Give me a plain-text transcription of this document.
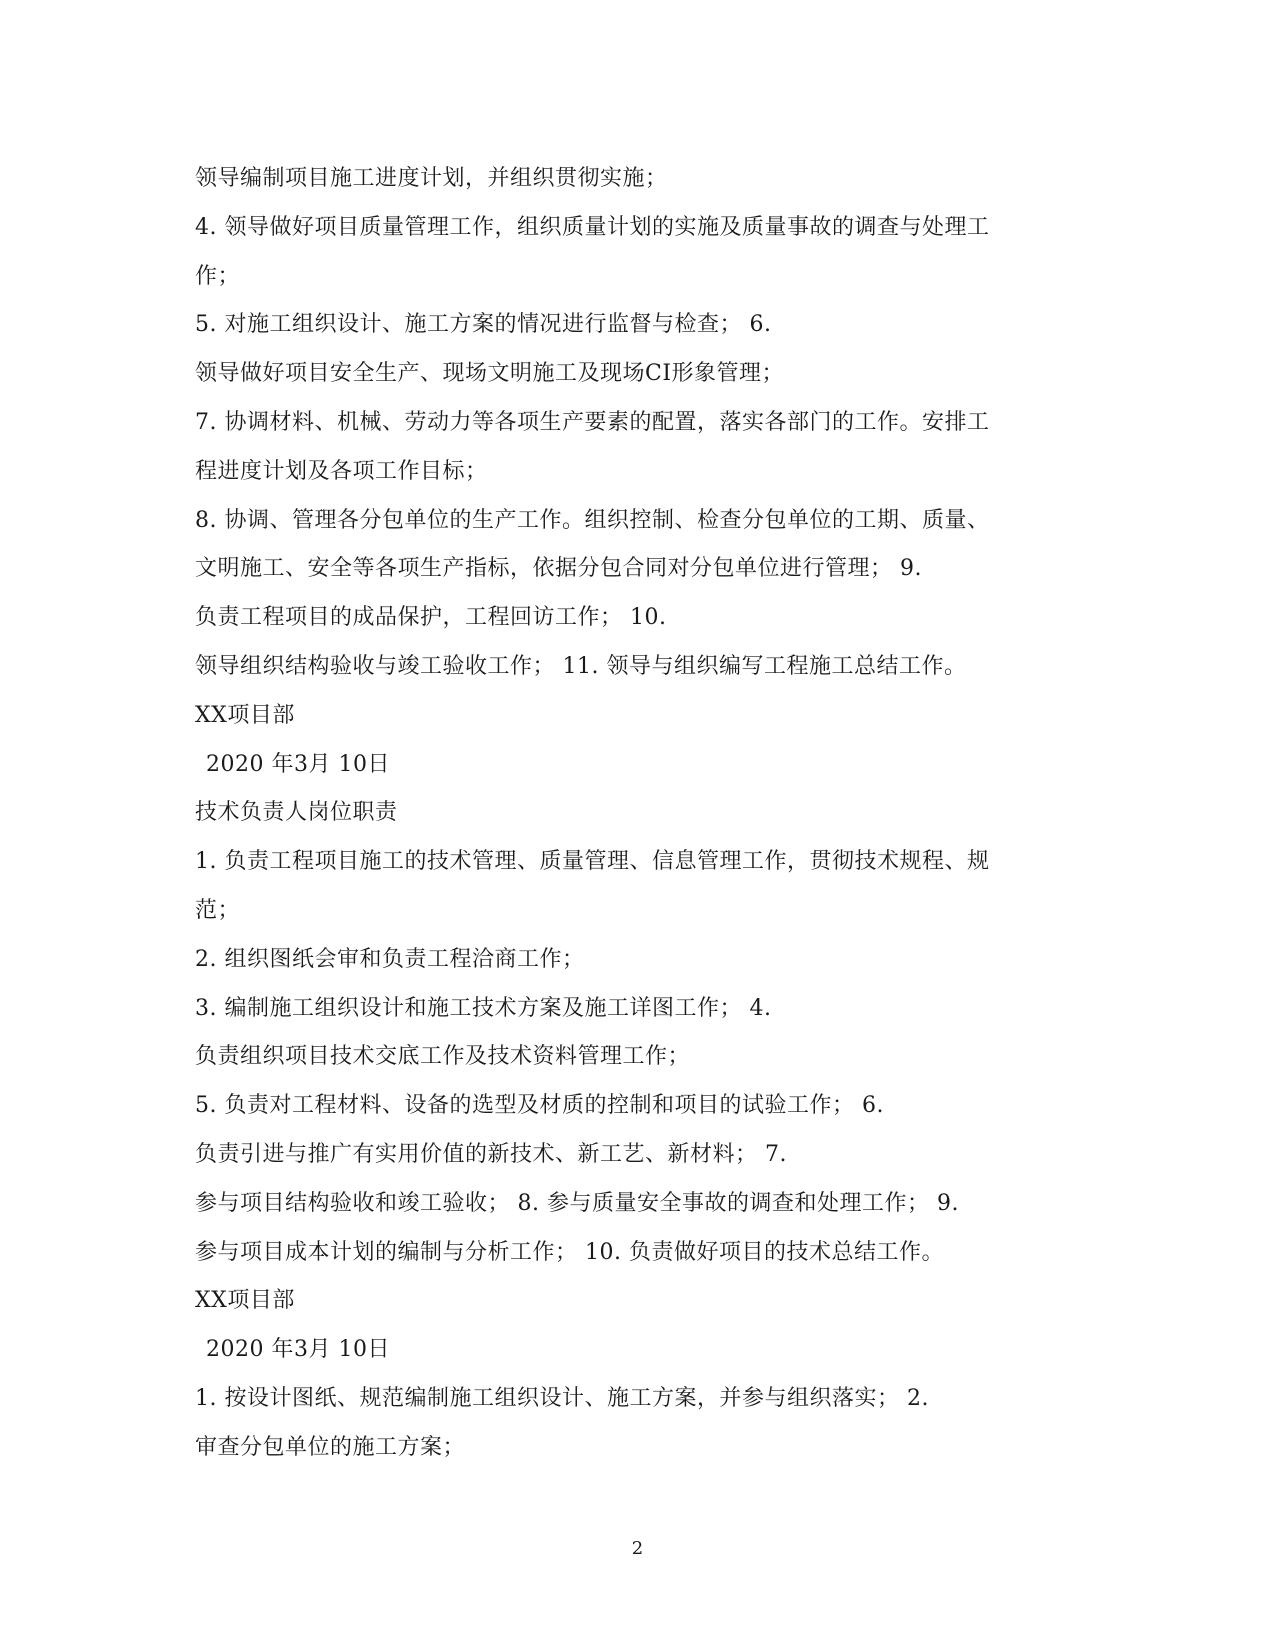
领导编制项目施工进度计划，并组织贯彻实施；
4. 领导做好项目质量管理工作，组织质量计划的实施及质量事故的调查与处理工
作；
5. 对施工组织设计、施工方案的情况进行监督与检查； 6.
领导做好项目安全生产、现场文明施工及现场CI形象管理；
7. 协调材料、机械、劳动力等各项生产要素的配置，落实各部门的工作。安排工
程进度计划及各项工作目标；
8. 协调、管理各分包单位的生产工作。组织控制、检查分包单位的工期、质量、
文明施工、安全等各项生产指标，依据分包合同对分包单位进行管理； 9.
负责工程项目的成品保护，工程回访工作； 10.
领导组织结构验收与竣工验收工作； 11. 领导与组织编写工程施工总结工作。
XX项目部
2020 年3月 10日
技术负责人岗位职责
1. 负责工程项目施工的技术管理、质量管理、信息管理工作，贯彻技术规程、规
范；
2. 组织图纸会审和负责工程洽商工作；
3. 编制施工组织设计和施工技术方案及施工详图工作； 4.
负责组织项目技术交底工作及技术资料管理工作；
5. 负责对工程材料、设备的选型及材质的控制和项目的试验工作； 6.
负责引进与推广有实用价值的新技术、新工艺、新材料； 7.
参与项目结构验收和竣工验收； 8. 参与质量安全事故的调查和处理工作； 9.
参与项目成本计划的编制与分析工作； 10. 负责做好项目的技术总结工作。
XX项目部
2020 年3月 10日
1. 按设计图纸、规范编制施工组织设计、施工方案，并参与组织落实； 2.
审查分包单位的施工方案；
2
